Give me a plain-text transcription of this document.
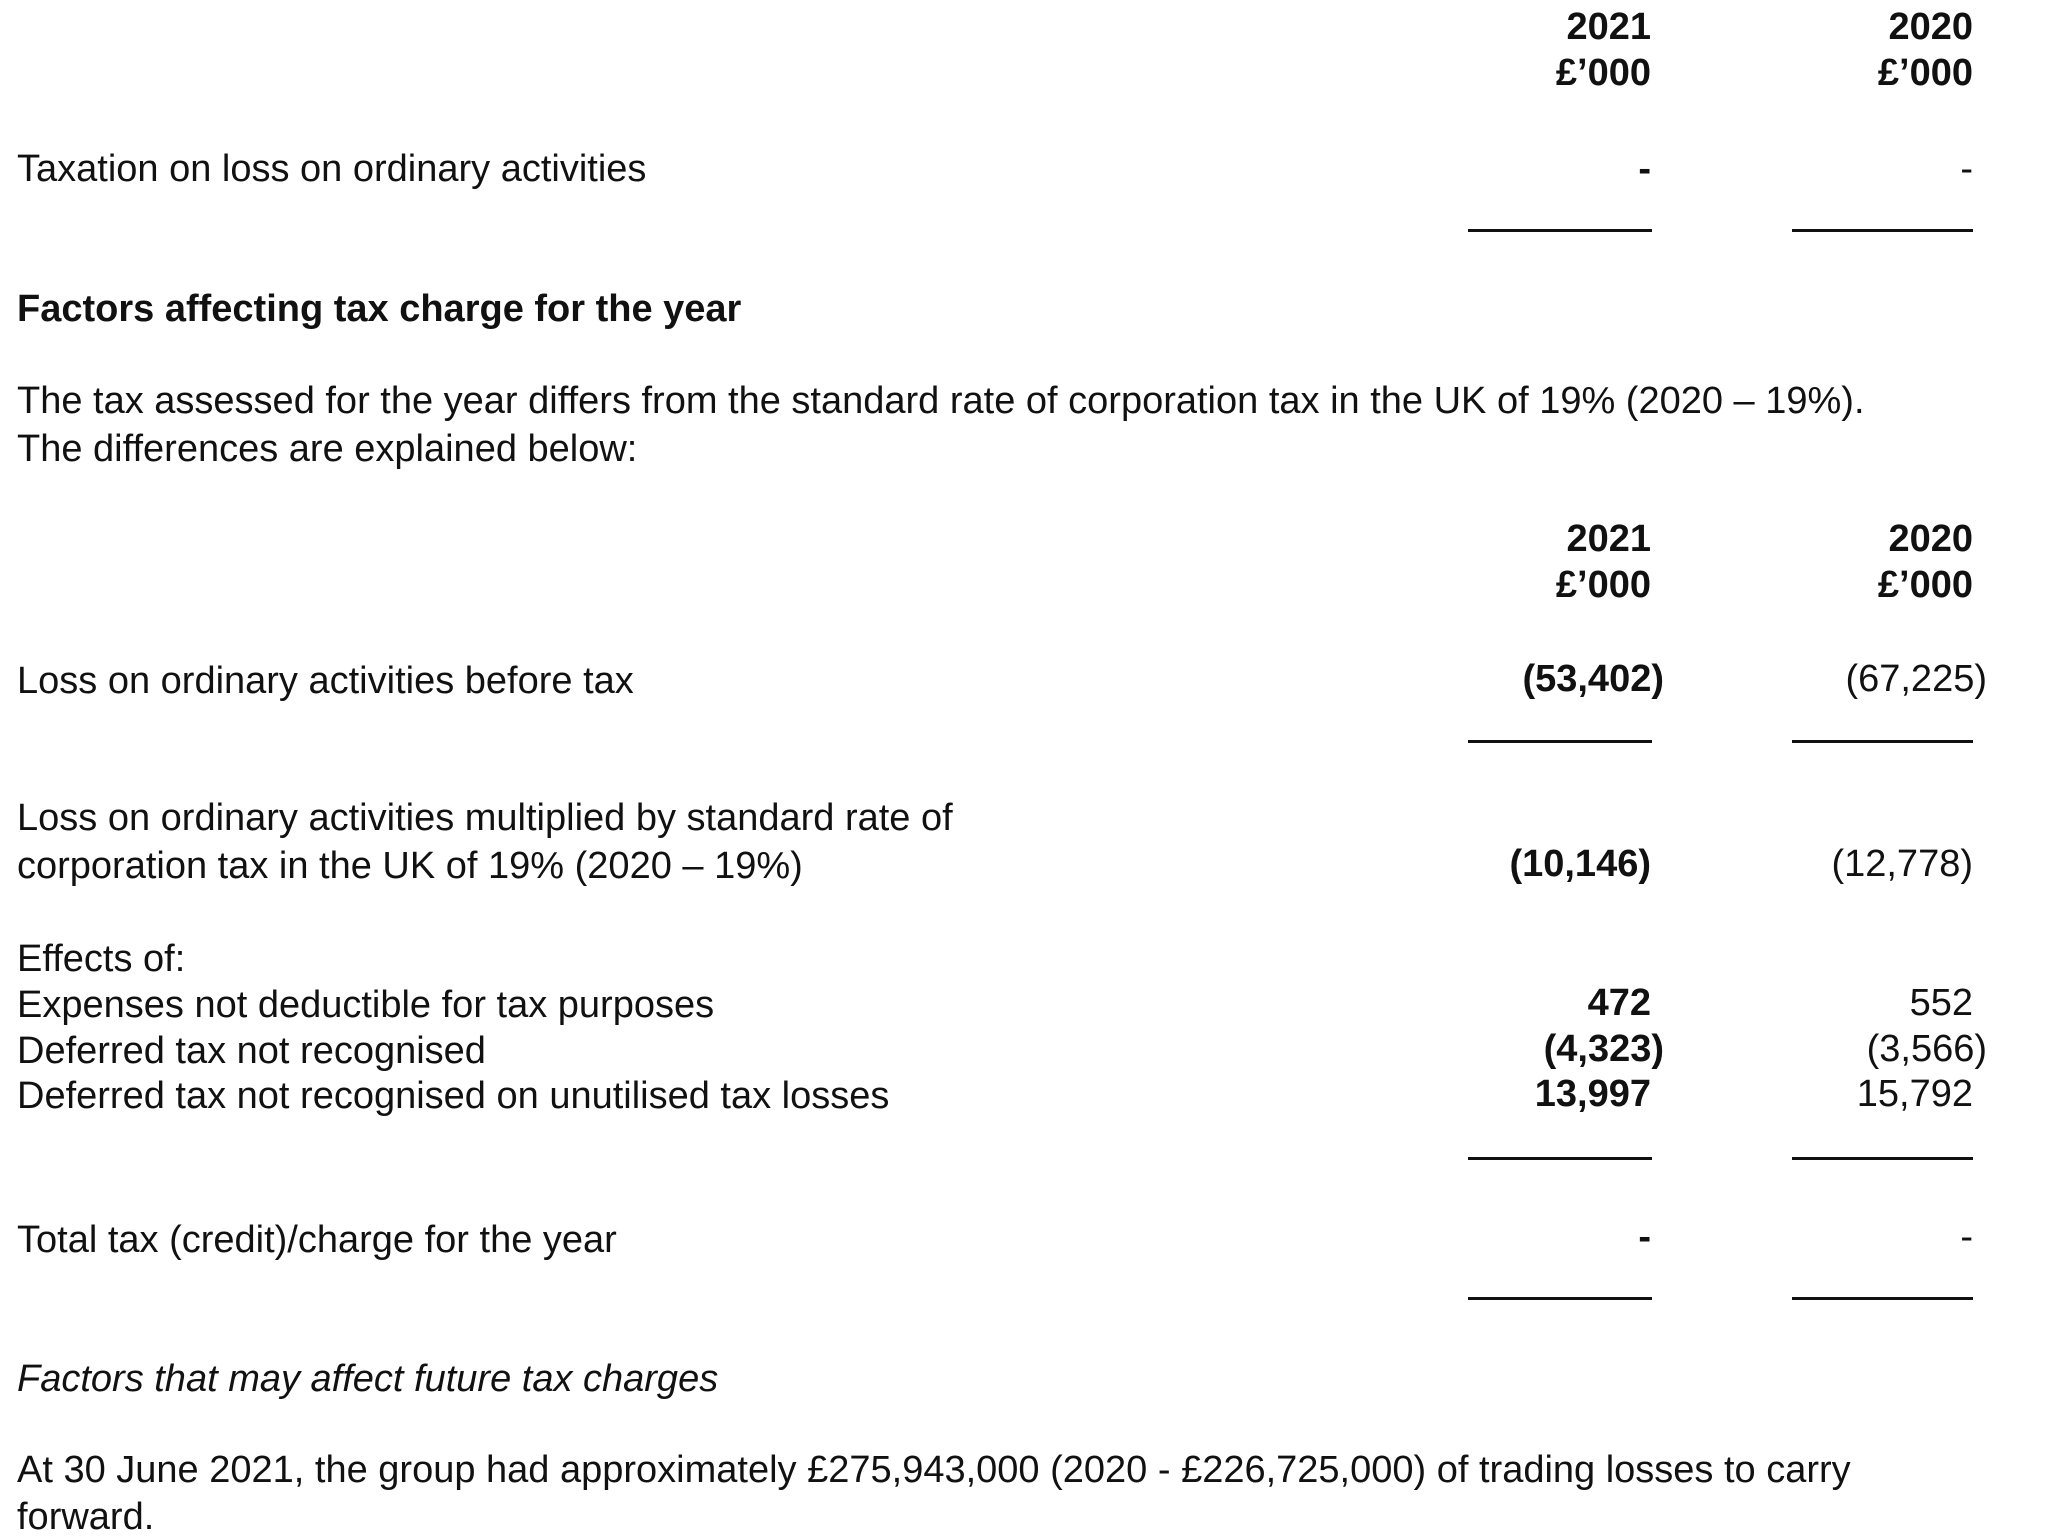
2021
£’000
2020
£’000
Taxation on loss on ordinary activities	-	-
Factors affecting tax charge for the year
The tax assessed for the year differs from the standard rate of corporation tax in the UK of 19% (2020 – 19%).
The differences are explained below:
2021
£’000
2020
£’000
Loss on ordinary activities before tax	(53,402)	(67,225)
Loss on ordinary activities multiplied by standard rate of
corporation tax in the UK of 19% (2020 – 19%)	(10,146)	(12,778)
Effects of:
Expenses not deductible for tax purposes	472	552
Deferred tax not recognised	(4,323)	(3,566)
Deferred tax not recognised on unutilised tax losses	13,997	15,792
Total tax (credit)/charge for the year	-	-
Factors that may affect future tax charges
At 30 June 2021, the group had approximately £275,943,000 (2020 - £226,725,000) of trading losses to carry
forward.
